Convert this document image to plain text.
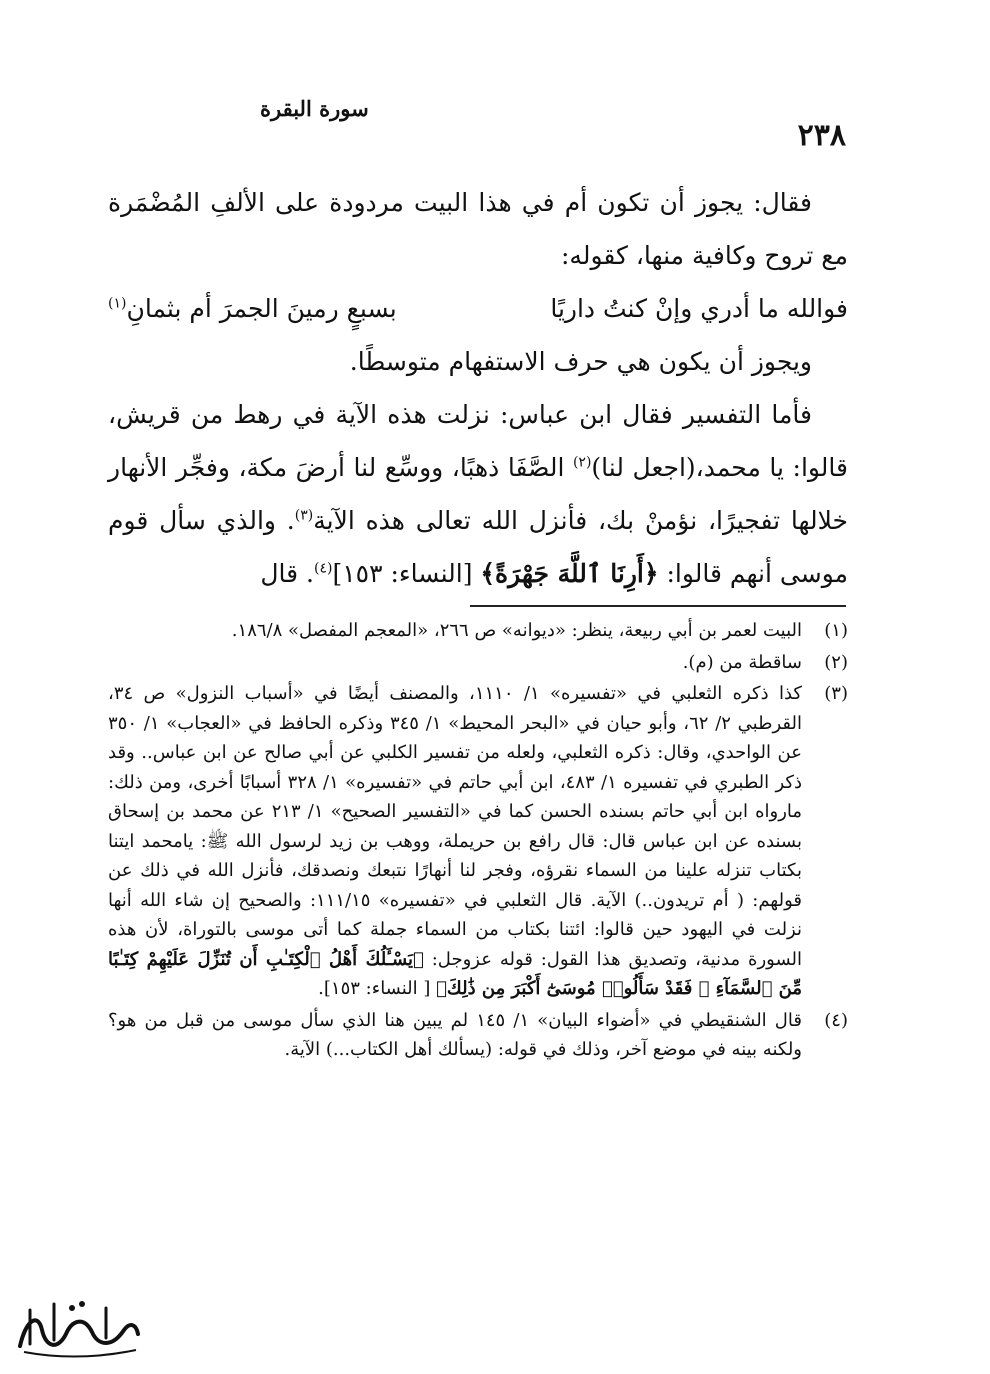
سورة البقرة
٢٣٨

فقال: يجوز أن تكون أم في هذا البيت مردودة على الألفِ المُضْمَرة مع تروح وكافية منها، كقوله:

فوالله ما أدري وإنْ كنتُ داريًا
بسبعٍ رمينَ الجمرَ أم بثمانِ$^{(١)}$

ويجوز أن يكون هي حرف الاستفهام متوسطًا.

فأما التفسير فقال ابن عباس: نزلت هذه الآية في رهط من قريش، قالوا: يا محمد،(اجعل لنا)$^{(٢)}$ الصَّفَا ذهبًا، ووسِّع لنا أرضَ مكة، وفجِّر الأنهار خلالها تفجيرًا، نؤمنْ بك، فأنزل الله تعالى هذه الآية$^{(٣)}$. والذي سأل قوم موسى أنهم قالوا: ﴿أَرِنَا ٱللَّهَ جَهْرَةً﴾ [النساء: ١٥٣]$^{(٤)}$. قال

(١)
البيت لعمر بن أبي ربيعة، ينظر: «ديوانه» ص ٢٦٦، «المعجم المفصل» ١٨٦/٨.
(٢)
ساقطة من (م).
(٣)
كذا ذكره الثعلبي في «تفسيره» ١/ ١١١٠، والمصنف أيضًا في «أسباب النزول» ص ٣٤، القرطبي ٢/ ٦٢، وأبو حيان في «البحر المحيط» ١/ ٣٤٥ وذكره الحافظ في «العجاب» ١/ ٣٥٠ عن الواحدي، وقال: ذكره الثعلبي، ولعله من تفسير الكلبي عن أبي صالح عن ابن عباس.. وقد ذكر الطبري في تفسيره ١/ ٤٨٣، ابن أبي حاتم في «تفسيره» ١/ ٣٢٨ أسبابًا أخرى، ومن ذلك: مارواه ابن أبي حاتم بسنده الحسن كما في «التفسير الصحيح» ١/ ٢١٣ عن محمد بن إسحاق بسنده عن ابن عباس قال: قال رافع بن حريملة، ووهب بن زيد لرسول الله ﷺ: يامحمد ايتنا بكتاب تنزله علينا من السماء نقرؤه، وفجر لنا أنهارًا نتبعك ونصدقك، فأنزل الله في ذلك عن قولهم: ( أم تريدون..) الآية. قال الثعلبي في «تفسيره» ١١١/١٥: والصحيح إن شاء الله أنها نزلت في اليهود حين قالوا: ائتنا بكتاب من السماء جملة كما أتى موسى بالتوراة، لأن هذه السورة مدنية، وتصديق هذا القول: قوله عزوجل: ﴿يَسْـَٔلُكَ أَهْلُ ٱلْكِتَـٰبِ أَن تُنَزِّلَ عَلَيْهِمْ كِتَـٰبًا مِّنَ ٱلسَّمَآءِ ۚ فَقَدْ سَأَلُوا۟ مُوسَىٰٓ أَكْبَرَ مِن ذَٰلِكَ﴾ [ النساء: ١٥٣].
(٤)
قال الشنقيطي في «أضواء البيان» ١/ ١٤٥ لم يبين هنا الذي سأل موسى من قبل من هو؟ ولكنه بينه في موضع آخر، وذلك في قوله: (يسألك أهل الكتاب...) الآية.
